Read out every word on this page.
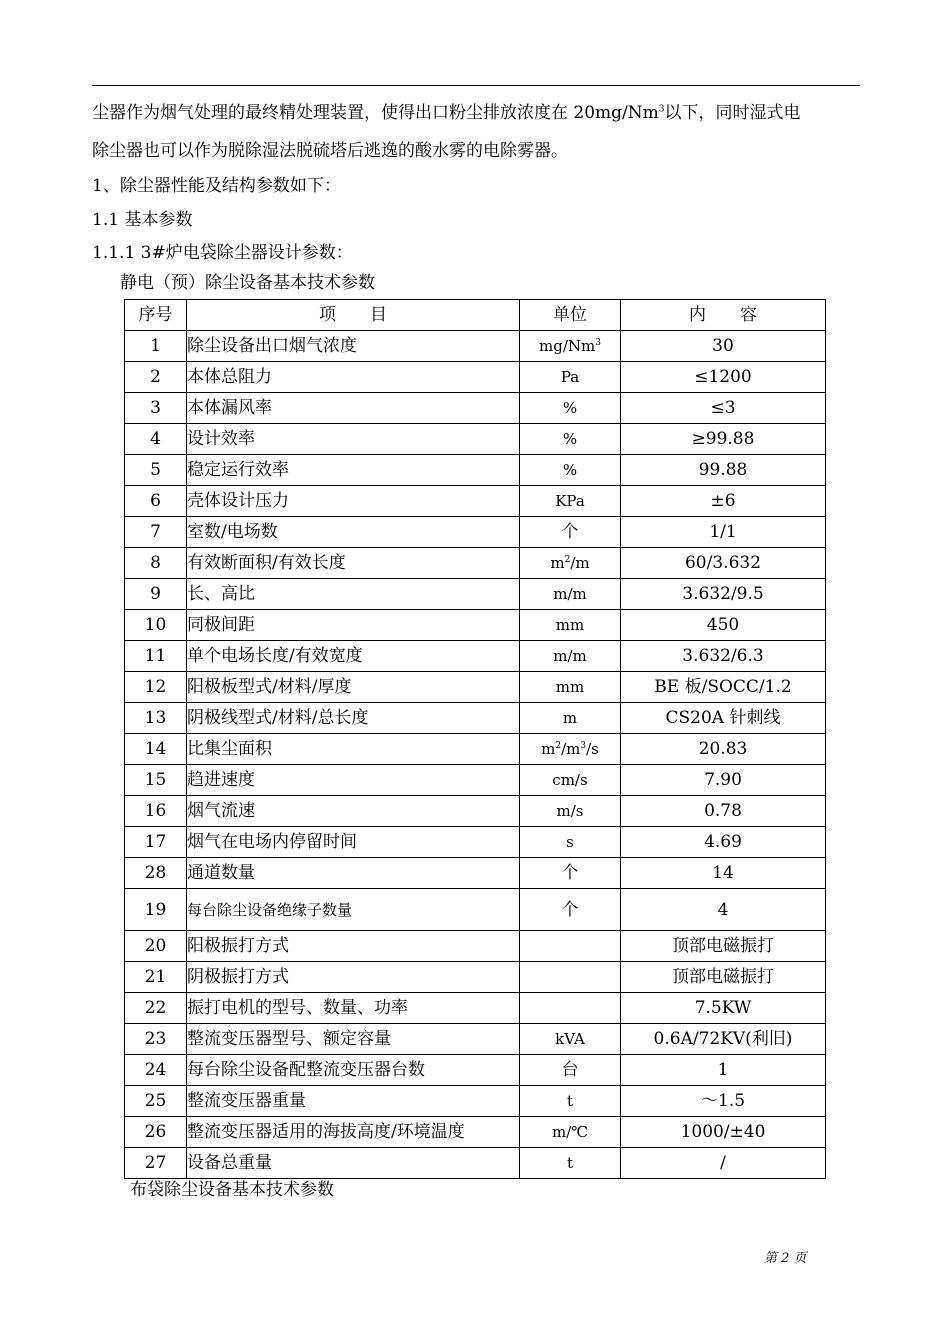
尘器作为烟气处理的最终精处理装置，使得出口粉尘排放浓度在 20mg/Nm$^3$以下，同时湿式电
除尘器也可以作为脱除湿法脱硫塔后逃逸的酸水雾的电除雾器。
1、除尘器性能及结构参数如下：
1.1 基本参数
1.1.1 3#炉电袋除尘器设计参数：
静电（预）除尘设备基本技术参数
序号	项　　目	单位	内　　容
1	除尘设备出口烟气浓度	mg/Nm$^3$	30
2	本体总阻力	Pa	≤1200
3	本体漏风率	%	≤3
4	设计效率	%	≥99.88
5	稳定运行效率	%	99.88
6	壳体设计压力	KPa	±6
7	室数/电场数	个	1/1
8	有效断面积/有效长度	$m^2/m$	60/3.632
9	长、高比	m/m	3.632/9.5
10	同极间距	mm	450
11	单个电场长度/有效宽度	m/m	3.632/6.3
12	阳极板型式/材料/厚度	mm	BE 板/SOCC/1.2
13	阴极线型式/材料/总长度	m	CS20A 针刺线
14	比集尘面积	$m^2/m^3/s$	20.83
15	趋进速度	cm/s	7.90
16	烟气流速	m/s	0.78
17	烟气在电场内停留时间	s	4.69
28	通道数量	个	14
19	每台除尘设备绝缘子数量	个	4
20	阳极振打方式		顶部电磁振打
21	阴极振打方式		顶部电磁振打
22	振打电机的型号、数量、功率		7.5KW
23	整流变压器型号、额定容量	kVA	0.6A/72KV(利旧)
24	每台除尘设备配整流变压器台数	台	1
25	整流变压器重量	t	～1.5
26	整流变压器适用的海拔高度/环境温度	m/℃	1000/±40
27	设备总重量	t	/
布袋除尘设备基本技术参数
第 2 页
